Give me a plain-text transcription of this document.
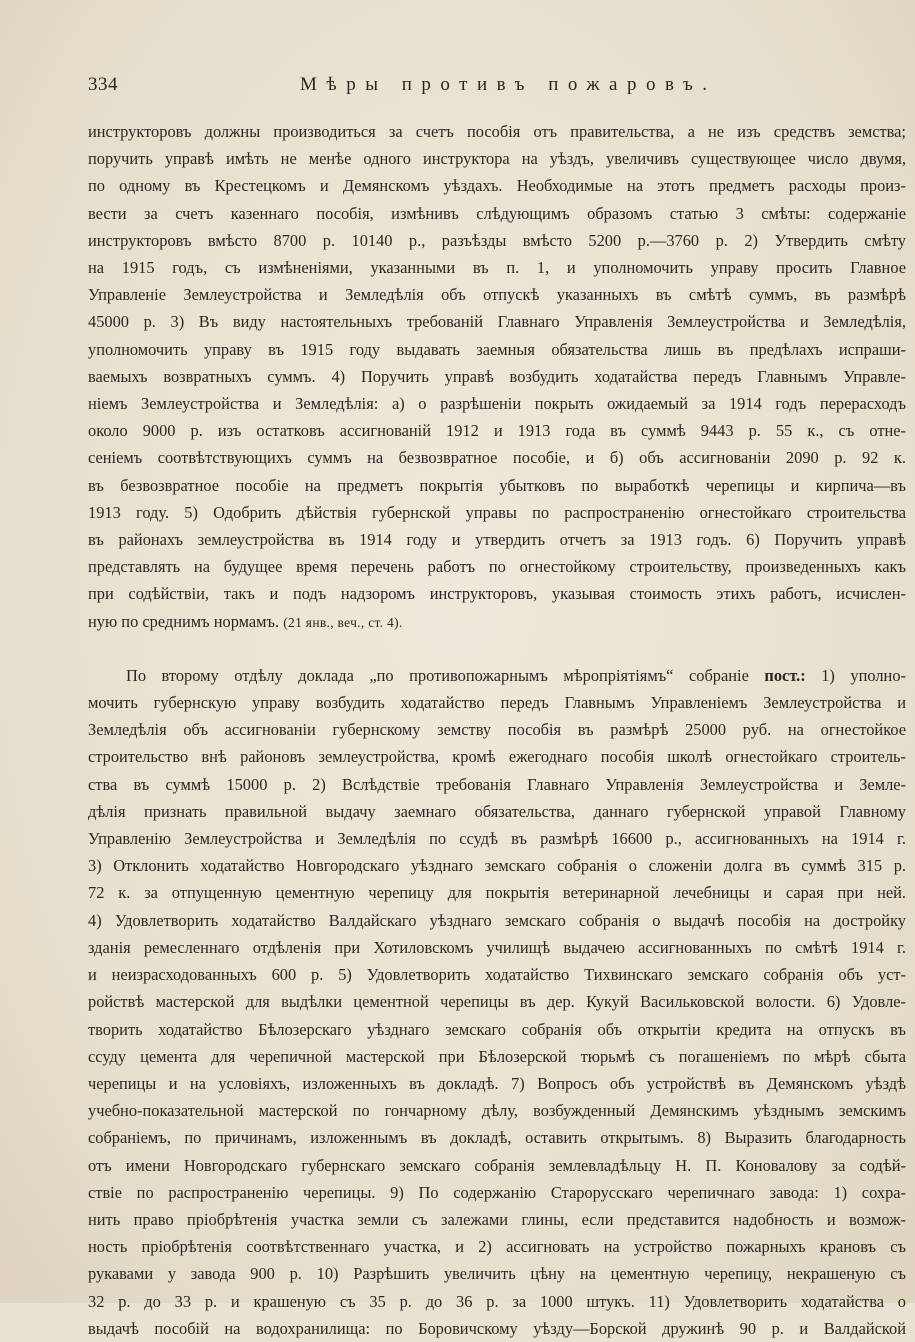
334	Мѣры противъ пожаровъ.

инструкторовъ должны производиться за счетъ пособія отъ правительства, а не изъ средствъ земства;
поручить управѣ имѣть не менѣе одного инструктора на уѣздъ, увеличивъ существующее число двумя,
по одному въ Крестецкомъ и Демянскомъ уѣздахъ. Необходимые на этотъ предметъ расходы произ-
вести за счетъ казеннаго пособія, измѣнивъ слѣдующимъ образомъ статью 3 смѣты: содержаніе
инструкторовъ вмѣсто 8700 р. 10140 р., разъѣзды вмѣсто 5200 р.—3760 р. 2) Утвердить смѣту
на 1915 годъ, съ измѣненіями, указанными въ п. 1, и уполномочить управу просить Главное
Управленіе Землеустройства и Земледѣлія объ отпускѣ указанныхъ въ смѣтѣ суммъ, въ размѣрѣ
45000 р. 3) Въ виду настоятельныхъ требованій Главнаго Управленія Землеустройства и Земледѣлія,
уполномочить управу въ 1915 году выдавать заемныя обязательства лишь въ предѣлахъ испраши-
ваемыхъ возвратныхъ суммъ. 4) Поручить управѣ возбудить ходатайства передъ Главнымъ Управле-
ніемъ Землеустройства и Земледѣлія: а) о разрѣшеніи покрыть ожидаемый за 1914 годъ перерасходъ
около 9000 р. изъ остатковъ ассигнованій 1912 и 1913 года въ суммѣ 9443 р. 55 к., съ отне-
сеніемъ соотвѣтствующихъ суммъ на безвозвратное пособіе, и б) объ ассигнованіи 2090 р. 92 к.
въ безвозвратное пособіе на предметъ покрытія убытковъ по выработкѣ черепицы и кирпича—въ
1913 году. 5) Одобрить дѣйствія губернской управы по распространенію огнестойкаго строительства
въ районахъ землеустройства въ 1914 году и утвердить отчетъ за 1913 годъ. 6) Поручить управѣ
представлять на будущее время перечень работъ по огнестойкому строительству, произведенныхъ какъ
при содѣйствіи, такъ и подъ надзоромъ инструкторовъ, указывая стоимость этихъ работъ, исчислен-
ную по среднимъ нормамъ. (21 янв., веч., ст. 4).

По второму отдѣлу доклада „по противопожарнымъ мѣропріятіямъ“ собраніе пост.: 1) уполно-
мочить губернскую управу возбудить ходатайство передъ Главнымъ Управленіемъ Землеустройства и
Земледѣлія объ ассигнованіи губернскому земству пособія въ размѣрѣ 25000 руб. на огнестойкое
строительство внѣ районовъ землеустройства, кромѣ ежегоднаго пособія школѣ огнестойкаго строитель-
ства въ суммѣ 15000 р. 2) Вслѣдствіе требованія Главнаго Управленія Землеустройства и Земле-
дѣлія признать правильной выдачу заемнаго обязательства, даннаго губернской управой Главному
Управленію Землеустройства и Земледѣлія по ссудѣ въ размѣрѣ 16600 р., ассигнованныхъ на 1914 г.
3) Отклонить ходатайство Новгородскаго уѣзднаго земскаго собранія о сложеніи долга въ суммѣ 315 р.
72 к. за отпущенную цементную черепицу для покрытія ветеринарной лечебницы и сарая при ней.
4) Удовлетворить ходатайство Валдайскаго уѣзднаго земскаго собранія о выдачѣ пособія на достройку
зданія ремесленнаго отдѣленія при Хотиловскомъ училищѣ выдачею ассигнованныхъ по смѣтѣ 1914 г.
и неизрасходованныхъ 600 р. 5) Удовлетворить ходатайство Тихвинскаго земскаго собранія объ уст-
ройствѣ мастерской для выдѣлки цементной черепицы въ дер. Кукуй Васильковской волости. 6) Удовле-
творить ходатайство Бѣлозерскаго уѣзднаго земскаго собранія объ открытіи кредита на отпускъ въ
ссуду цемента для черепичной мастерской при Бѣлозерской тюрьмѣ съ погашеніемъ по мѣрѣ сбыта
черепицы и на условіяхъ, изложенныхъ въ докладѣ. 7) Вопросъ объ устройствѣ въ Демянскомъ уѣздѣ
учебно-показательной мастерской по гончарному дѣлу, возбужденный Демянскимъ уѣзднымъ земскимъ
собраніемъ, по причинамъ, изложеннымъ въ докладѣ, оставить открытымъ. 8) Выразить благодарность
отъ имени Новгородскаго губернскаго земскаго собранія землевладѣльцу Н. П. Коновалову за содѣй-
ствіе по распространенію черепицы. 9) По содержанію Старорусскаго черепичнаго завода: 1) сохра-
нить право пріобрѣтенія участка земли съ залежами глины, если представится надобность и возмож-
ность пріобрѣтенія соотвѣтственнаго участка, и 2) ассигновать на устройство пожарныхъ крановъ съ
рукавами у завода 900 р. 10) Разрѣшить увеличить цѣну на цементную черепицу, некрашеную съ
32 р. до 33 р. и крашеную съ 35 р. до 36 р. за 1000 штукъ. 11) Удовлетворить ходатайства о
выдачѣ пособій на водохранилища: по Боровичскому уѣзду—Борской дружинѣ 90 р. и Валдайской
